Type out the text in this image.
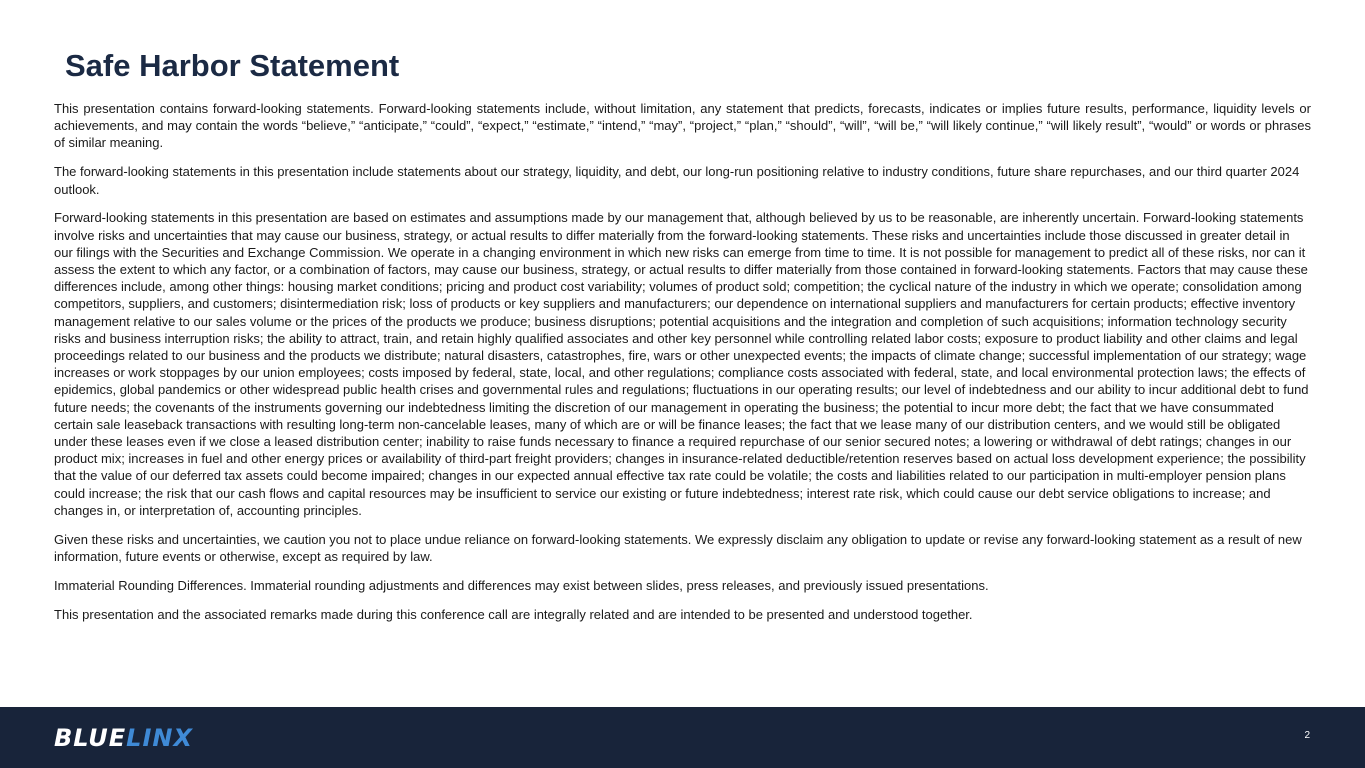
Safe Harbor Statement

This presentation contains forward-looking statements. Forward-looking statements include, without limitation, any statement that predicts, forecasts, indicates or implies future results, performance, liquidity levels or achievements, and may contain the words “believe,” “anticipate,” “could”, “expect,” “estimate,” “intend,” “may”, “project,” “plan,” “should”, “will”, “will be,” “will likely continue,” “will likely result”, “would” or words or phrases of similar meaning.

The forward-looking statements in this presentation include statements about our strategy, liquidity, and debt, our long-run positioning relative to industry conditions, future share repurchases, and our third quarter 2024 outlook.

Forward-looking statements in this presentation are based on estimates and assumptions made by our management that, although believed by us to be reasonable, are inherently uncertain. Forward-looking statements involve risks and uncertainties that may cause our business, strategy, or actual results to differ materially from the forward-looking statements. These risks and uncertainties include those discussed in greater detail in our filings with the Securities and Exchange Commission. We operate in a changing environment in which new risks can emerge from time to time. It is not possible for management to predict all of these risks, nor can it assess the extent to which any factor, or a combination of factors, may cause our business, strategy, or actual results to differ materially from those contained in forward-looking statements. Factors that may cause these differences include, among other things: housing market conditions; pricing and product cost variability; volumes of product sold; competition; the cyclical nature of the industry in which we operate; consolidation among competitors, suppliers, and customers; disintermediation risk; loss of products or key suppliers and manufacturers; our dependence on international suppliers and manufacturers for certain products; effective inventory management relative to our sales volume or the prices of the products we produce; business disruptions; potential acquisitions and the integration and completion of such acquisitions; information technology security risks and business interruption risks; the ability to attract, train, and retain highly qualified associates and other key personnel while controlling related labor costs; exposure to product liability and other claims and legal proceedings related to our business and the products we distribute; natural disasters, catastrophes, fire, wars or other unexpected events; the impacts of climate change; successful implementation of our strategy; wage increases or work stoppages by our union employees; costs imposed by federal, state, local, and other regulations; compliance costs associated with federal, state, and local environmental protection laws; the effects of epidemics, global pandemics or other widespread public health crises and governmental rules and regulations; fluctuations in our operating results; our level of indebtedness and our ability to incur additional debt to fund future needs; the covenants of the instruments governing our indebtedness limiting the discretion of our management in operating the business; the potential to incur more debt; the fact that we have consummated certain sale leaseback transactions with resulting long-term non-cancelable leases, many of which are or will be finance leases; the fact that we lease many of our distribution centers, and we would still be obligated under these leases even if we close a leased distribution center; inability to raise funds necessary to finance a required repurchase of our senior secured notes; a lowering or withdrawal of debt ratings; changes in our product mix; increases in fuel and other energy prices or availability of third-part freight providers; changes in insurance-related deductible/retention reserves based on actual loss development experience; the possibility that the value of our deferred tax assets could become impaired; changes in our expected annual effective tax rate could be volatile; the costs and liabilities related to our participation in multi-employer pension plans could increase; the risk that our cash flows and capital resources may be insufficient to service our existing or future indebtedness; interest rate risk, which could cause our debt service obligations to increase; and changes in, or interpretation of, accounting principles.

Given these risks and uncertainties, we caution you not to place undue reliance on forward-looking statements. We expressly disclaim any obligation to update or revise any forward-looking statement as a result of new information, future events or otherwise, except as required by law.

Immaterial Rounding Differences. Immaterial rounding adjustments and differences may exist between slides, press releases, and previously issued presentations.

This presentation and the associated remarks made during this conference call are integrally related and are intended to be presented and understood together.

BLUELINX	2
